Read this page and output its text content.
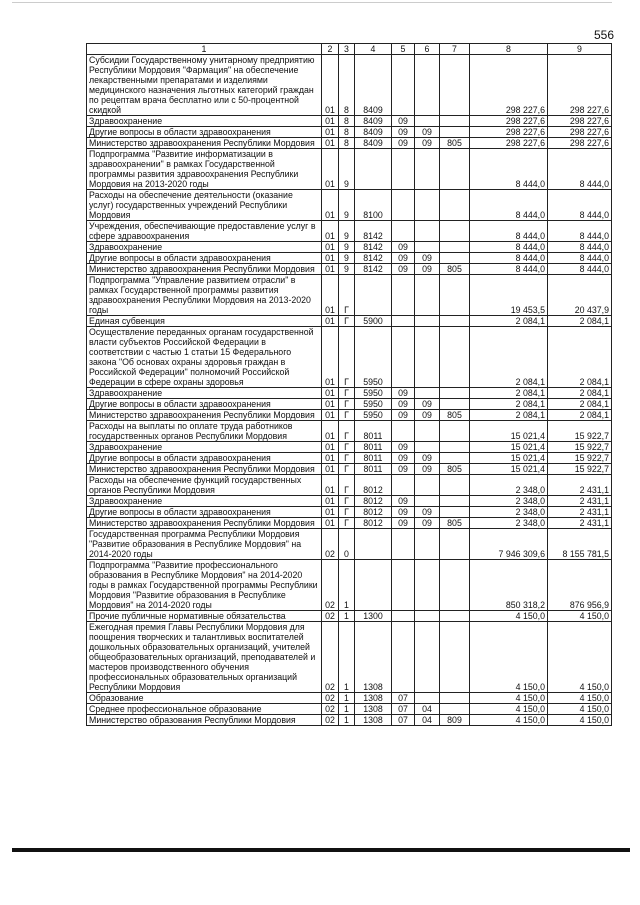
556
1	2	3	4	5	6	7	8	9
Субсидии Государственному унитарному предприятию Республики Мордовия "Фармация" на обеспечение лекарственными препаратами и изделиями медицинского назначения льготных категорий граждан по рецептам врача бесплатно или с 50-процентной скидкой	01	8	8409				298 227,6	298 227,6
Здравоохранение	01	8	8409	09			298 227,6	298 227,6
Другие вопросы в области здравоохранения	01	8	8409	09	09		298 227,6	298 227,6
Министерство здравоохранения Республики Мордовия	01	8	8409	09	09	805	298 227,6	298 227,6
Подпрограмма "Развитие информатизации в здравоохранении" в рамках Государственной программы развития здравоохранения Республики Мордовия на 2013-2020 годы	01	9					8 444,0	8 444,0
Расходы на обеспечение деятельности (оказание услуг) государственных учреждений Республики Мордовия	01	9	8100				8 444,0	8 444,0
Учреждения, обеспечивающие предоставление услуг в сфере здравоохранения	01	9	8142				8 444,0	8 444,0
Здравоохранение	01	9	8142	09			8 444,0	8 444,0
Другие вопросы в области здравоохранения	01	9	8142	09	09		8 444,0	8 444,0
Министерство здравоохранения Республики Мордовия	01	9	8142	09	09	805	8 444,0	8 444,0
Подпрограмма "Управление развитием отрасли" в рамках Государственной программы развития здравоохранения Республики Мордовия на 2013-2020 годы	01	Г					19 453,5	20 437,9
Единая субвенция	01	Г	5900				2 084,1	2 084,1
Осуществление переданных органам государственной власти субъектов Российской Федерации в соответствии с частью 1 статьи 15 Федерального закона "Об основах охраны здоровья граждан в Российской Федерации" полномочий Российской Федерации в сфере охраны здоровья	01	Г	5950				2 084,1	2 084,1
Здравоохранение	01	Г	5950	09			2 084,1	2 084,1
Другие вопросы в области здравоохранения	01	Г	5950	09	09		2 084,1	2 084,1
Министерство здравоохранения Республики Мордовия	01	Г	5950	09	09	805	2 084,1	2 084,1
Расходы на выплаты по оплате труда работников государственных органов Республики Мордовия	01	Г	8011				15 021,4	15 922,7
Здравоохранение	01	Г	8011	09			15 021,4	15 922,7
Другие вопросы в области здравоохранения	01	Г	8011	09	09		15 021,4	15 922,7
Министерство здравоохранения Республики Мордовия	01	Г	8011	09	09	805	15 021,4	15 922,7
Расходы на обеспечение функций государственных органов Республики Мордовия	01	Г	8012				2 348,0	2 431,1
Здравоохранение	01	Г	8012	09			2 348,0	2 431,1
Другие вопросы в области здравоохранения	01	Г	8012	09	09		2 348,0	2 431,1
Министерство здравоохранения Республики Мордовия	01	Г	8012	09	09	805	2 348,0	2 431,1
Государственная программа Республики Мордовия "Развитие образования в Республике Мордовия" на 2014-2020 годы	02	0					7 946 309,6	8 155 781,5
Подпрограмма "Развитие профессионального образования в Республике Мордовия" на 2014-2020 годы в рамках Государственной программы Республики Мордовия "Развитие образования в Республике Мордовия" на 2014-2020 годы	02	1					850 318,2	876 956,9
Прочие публичные нормативные обязательства	02	1	1300				4 150,0	4 150,0
Ежегодная премия Главы Республики Мордовия для поощрения творческих и талантливых воспитателей дошкольных образовательных организаций, учителей общеобразовательных организаций, преподавателей и мастеров производственного обучения профессиональных образовательных организаций Республики Мордовия	02	1	1308				4 150,0	4 150,0
Образование	02	1	1308	07			4 150,0	4 150,0
Среднее профессиональное образование	02	1	1308	07	04		4 150,0	4 150,0
Министерство образования Республики Мордовия	02	1	1308	07	04	809	4 150,0	4 150,0
